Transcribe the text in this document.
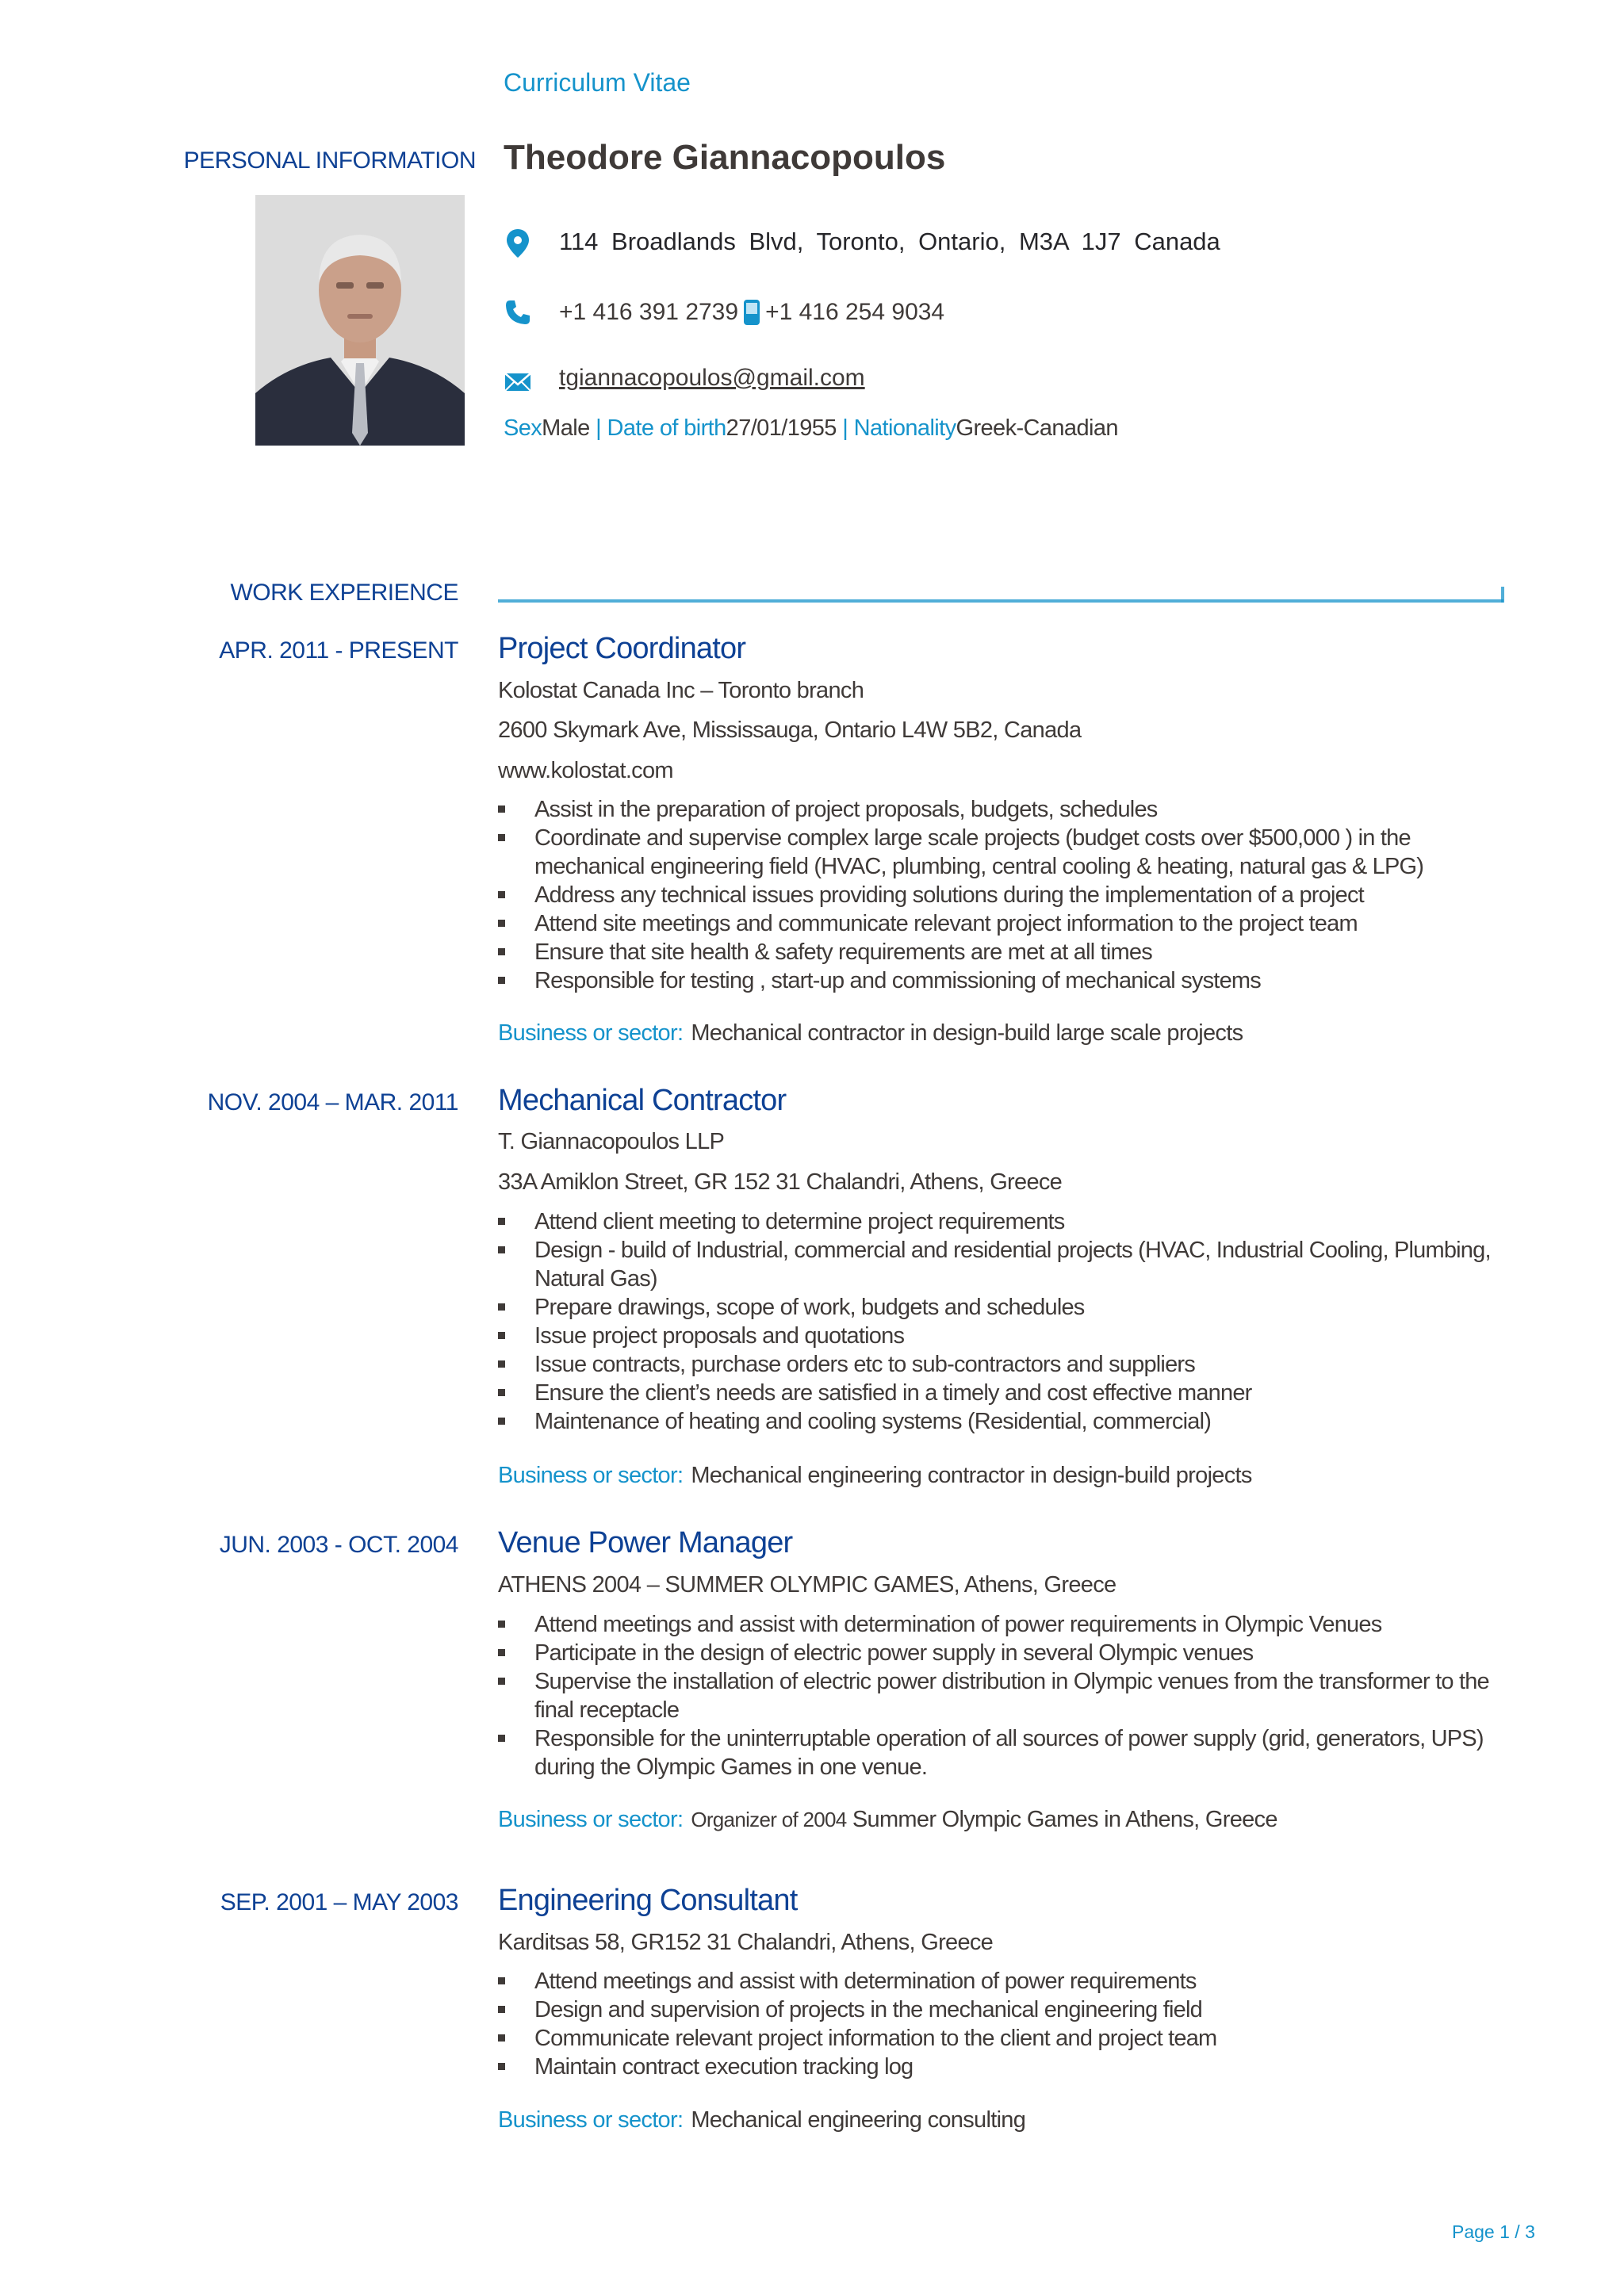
Curriculum Vitae
PERSONAL INFORMATION Theodore Giannacopoulos
114 Broadlands Blvd, Toronto, Ontario, M3A 1J7 Canada
+1 416 391 2739 +1 416 254 9034
tgiannacopoulos@gmail.com
SexMale | Date of birth27/01/1955 | NationalityGreek-Canadian
WORK EXPERIENCE
APR. 2011 - PRESENT Project Coordinator
Kolostat Canada Inc – Toronto branch
2600 Skymark Ave, Mississauga, Ontario L4W 5B2, Canada
www.kolostat.com
Assist in the preparation of project proposals, budgets, schedules
Coordinate and supervise complex large scale projects (budget costs over $500,000 ) in the mechanical engineering field (HVAC, plumbing, central cooling & heating, natural gas & LPG)
Address any technical issues providing solutions during the implementation of a project
Attend site meetings and communicate relevant project information to the project team
Ensure that site health & safety requirements are met at all times
Responsible for testing , start-up and commissioning of mechanical systems
Business or sector: Mechanical contractor in design-build large scale projects
NOV. 2004 – MAR. 2011 Mechanical Contractor
T. Giannacopoulos LLP
33A Amiklon Street, GR 152 31 Chalandri, Athens, Greece
Attend client meeting to determine project requirements
Design - build of Industrial, commercial and residential projects (HVAC, Industrial Cooling, Plumbing, Natural Gas)
Prepare drawings, scope of work, budgets and schedules
Issue project proposals and quotations
Issue contracts, purchase orders etc to sub-contractors and suppliers
Ensure the client’s needs are satisfied in a timely and cost effective manner
Maintenance of heating and cooling systems (Residential, commercial)
Business or sector: Mechanical engineering contractor in design-build projects
JUN. 2003 - OCT. 2004 Venue Power Manager
ATHENS 2004 – SUMMER OLYMPIC GAMES, Athens, Greece
Attend meetings and assist with determination of power requirements in Olympic Venues
Participate in the design of electric power supply in several Olympic venues
Supervise the installation of electric power distribution in Olympic venues from the transformer to the final receptacle
Responsible for the uninterruptable operation of all sources of power supply (grid, generators, UPS) during the Olympic Games in one venue.
Business or sector: Organizer of 2004 Summer Olympic Games in Athens, Greece
SEP. 2001 – MAY 2003 Engineering Consultant
Karditsas 58, GR152 31 Chalandri, Athens, Greece
Attend meetings and assist with determination of power requirements
Design and supervision of projects in the mechanical engineering field
Communicate relevant project information to the client and project team
Maintain contract execution tracking log
Business or sector: Mechanical engineering consulting
Page 1 / 3
